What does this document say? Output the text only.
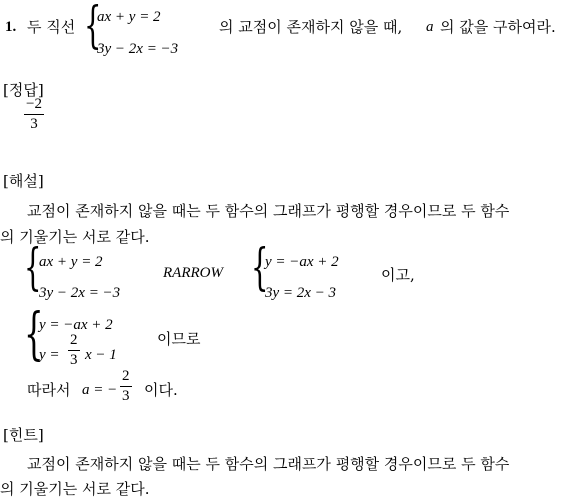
1. 두 직선 {
ax + y = 2
3y − 2x = −3
의 교점이 존재하지 않을 때, a 의 값을 구하여라.
[정답]
−2
3
[해설]
교점이 존재하지 않을 때는 두 함수의 그래프가 평행할 경우이므로 두 함수
의 기울기는 서로 같다.
{
ax + y = 2
3y − 2x = −3
RARROW {
y = −ax + 2
3y = 2x − 3
이고,
{
y = −ax + 2
y =
2
3 x − 1
이므로
따라서 a = −
2
3 이다.
[힌트]
교점이 존재하지 않을 때는 두 함수의 그래프가 평행할 경우이므로 두 함수
의 기울기는 서로 같다.
